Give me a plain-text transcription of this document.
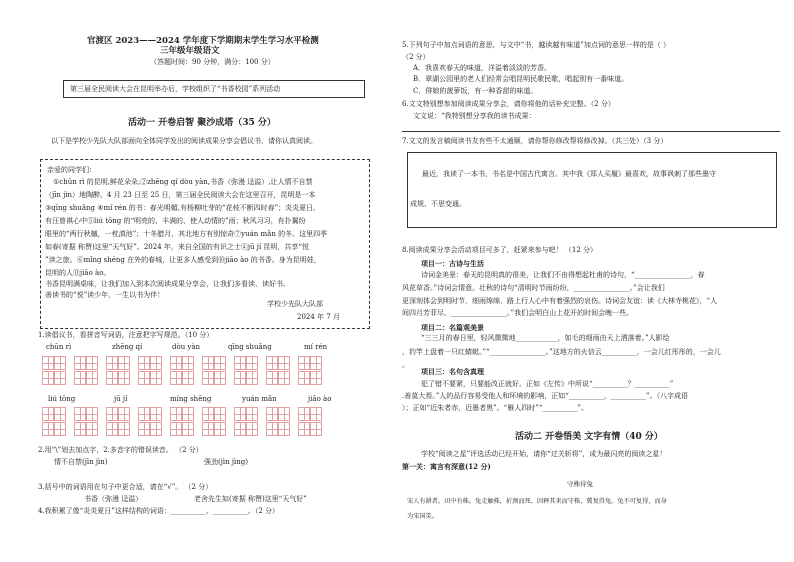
官渡区 2023——2024 学年度下学期期末学生学习水平检测
三年级年级语文
（答题时间：90 分钟，满分：100 分）
第三届全民阅读大会在昆明举办后，学校组织了“书香校园”系列活动
活动一 开卷启智 聚沙成塔（35 分）
以下是学校少先队大队部面向全体同学发出的阅读成果分享会倡议书，请你认真阅读。
亲爱的同学们：
①chūn rì 的昆明,鲜花朵朵,②zhēng qí dòu yàn,书香（弥漫 迳溢）,让人情不自禁
（jīn jìn）地陶醉。4 月 23 日至 25 日，第三届全民阅读大会在这里召开，昆明是一本
③qīng shuǎng ④mí rén 的书：春光明媚,有杨柳吐芽的“花枝不断四时春”；炎炎夏日,
有汪曾祺心中⑤liú tōng 的“明亮的、丰满的、使人动情的”雨；秋风习习，有扑翼纷
眼里的“两行秋槭，一枕滇池”；十冬腊月，其北地方有别惊奇⑦yuán mǎn 的冬。这里四季
如春(寄据 称赞)这里“天气好”。2024 年，来自全国的有识之士④jū jí 昆明，共享“悦
”读之旅。⑥mǐng shéng 在外的春城，让更多人感受到⑩jiāo ào 的书香。身为昆明娃，
昆明的人⑪jiāo ào。
书香昆明满桌味，让我们加入到本次阅读成果分享会，让我们多看读、读好书、
善读书的“悦”读少年，一生以书为伴！
学校少先队大队部
2024 年 7 月
1.读倡议书，看拼音写词语，注意把字写规范。（10 分）
chūn rì	zhēng qí	dòu yàn	qīng shuǎng	mí rén
liú tōng	jū jí	míng shēng	yuán mǎn	jiāo ào
2.用“\”划去加点字，2.多音字的错误读音。 （2 分）
情不自禁(jīn jìn)	强劲(jìn jìng)
3.括号中的词语用在句子中更合适，请在“√”。 （2 分）
书香（弥漫 迳溢）	老舍先生如(寄据 称赞)这里“天气好”
4.我积累了像“炎炎夏日”这样结构的词语：__________、__________。（2 分）
5.下列句子中加点词语的意思，与文中“书，越读越有味道”加点词的意思一样的是（ ）
（2 分）
A．我喜欢春天的味道，洋溢着淡淡的芳香。
B．翠湖公园里的老人们经常会唱昆明民歌民歌，唱起别有一番味道。
C．俳娘的菠萝饭，有一种香甜的味道。
6.文文特别想参加阅读成果分享会，请你将他的话补充完整。（2 分）
文文说：“我特别想分享我的读书成果：
7.文文的发言稿阅读书友有些不太通顺，请你帮你修改帮将修改掉。（共三处）（3 分）
最近，我读了一本书，书名是中国古代寓言。其中我《郑人买履》最喜欢，故事讽刺了那些墨守
成规、不思变通。
8.阅读成果分享会活动项目可多了，赶紧来参与吧！ （12 分）
项目一：古诗与生活
诗词金美景：春天的昆明真的很美，让我们不由得想起杜甫的诗句，“________________，春
风花草香。”诗词会情意。壮秋的诗句“清明时节雨纷纷，________________。”会让我们
更深刻体会到明时节，细雨绵绵，路上行人心中有着强烈的哀伤。诗词会友谊：读《大林寺桃花》，“人
间四月芳菲尽，________________。”我们会明白山上花开的时间会晚一些。
项目二：名篇观美景
“三三月的春日里，轻风微微地____________，如毛的细雨由天上洒落着。”人影绘
，钓竿上盘着一只红蜻蜓。”“________________。”这地方的火信云__________，一会儿红彤彤的，一会儿
。
项目三：名句含真理
犯了错不要紧，只要能改正就好。正如《左传》中所说“__________？__________”
.善莫大焉。”人的品行容易受他人和环境的影响，正如“__________，__________”。（八字成语
）；正如“近朱者赤，近墨者黑”。“雁人四时”“__________”。
活动二 开卷悟美 文字有情（40 分）
学校“阅读之星”评选活动已经开始，请你“过关斩将”，成为最闪亮的阅读之星！
第一关：寓言有深意(12 分)
守株待兔
宋人有耕者。田中有株。兔走触株，折颈而死。因释其耒而守株，冀复得兔。兔不可复得，而身
为宋国笑。
